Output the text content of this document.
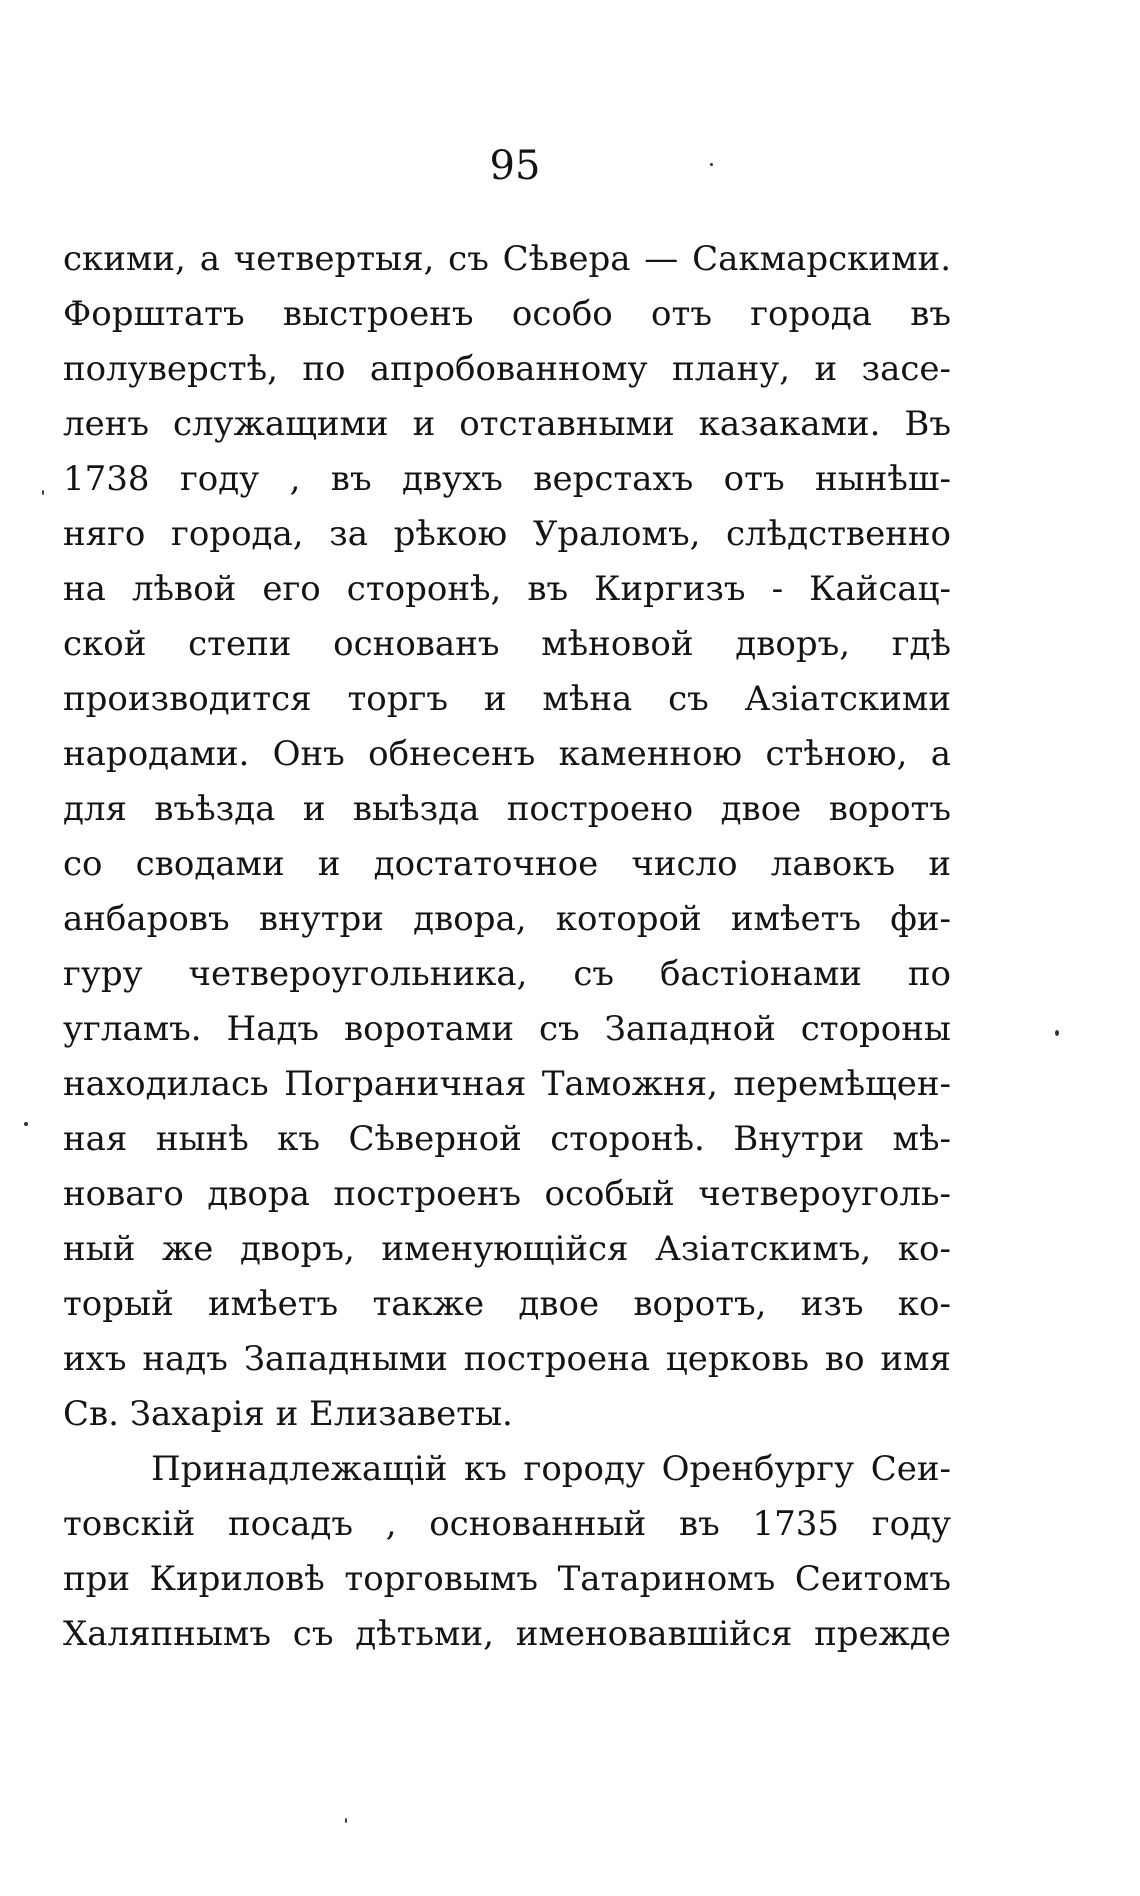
95
скими, а четвертыя, съ Сѣвера — Сакмарскими.
Форштатъ выстроенъ особо отъ города въ
полуверстѣ, по апробованному плану, и засе-
ленъ служащими и отставными казаками. Въ
1738 году , въ двухъ верстахъ отъ нынѣш-
няго города, за рѣкою Ураломъ, слѣдственно
на лѣвой его сторонѣ, въ Киргизъ - Кайсац-
ской степи основанъ мѣновой дворъ, гдѣ
производится торгъ и мѣна съ Азіатскими
народами. Онъ обнесенъ каменною стѣною, а
для въѣзда и выѣзда построено двое воротъ
со сводами и достаточное число лавокъ и
анбаровъ внутри двора, которой имѣетъ фи-
гуру четвероугольника, съ бастіонами по
угламъ. Надъ воротами съ Западной стороны
находилась Пограничная Таможня, перемѣщен-
ная нынѣ къ Сѣверной сторонѣ. Внутри мѣ-
новаго двора построенъ особый четвероуголь-
ный же дворъ, именующійся Азіатскимъ, ко-
торый имѣетъ также двое воротъ, изъ ко-
ихъ надъ Западными построена церковь во имя
Св. Захарія и Елизаветы.
Принадлежащій къ городу Оренбургу Сеи-
товскій посадъ , основанный въ 1735 году
при Кириловѣ торговымъ Татариномъ Сеитомъ
Халяпнымъ съ дѣтьми, именовавшійся прежде
